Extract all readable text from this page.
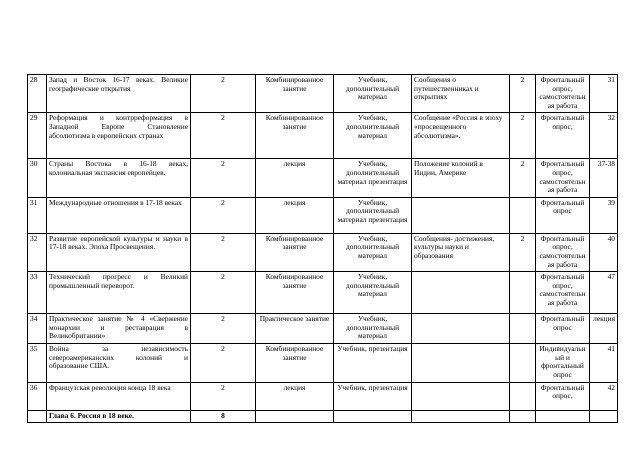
28	Запад и Восток 16-17 веках. Великие географические открытия	2	Комбинированное занятие	Учебник, дополнительный материал	Сообщения о путешественниках и открытиях	2	Фронтальный опрос, самостоятельная работа	31
29	Реформация и контрреформация в Западной Европе Становление абсолютизма в европейских странах	2	Комбинированное занятие	Учебник, дополнительный материал	Сообщение «Россия в эпоху «просвещенного абсолютизма».	2	Фронтальный опрос,	32
30	Страны Востока в 16-18 веках, колониальная экспансия европейцев.	2	лекция	Учебник, дополнительный материал презентация	Положение колоний в Индии, Америке	2	Фронтальный опрос, самостоятельная работа	37-38
31	Международные отношения в 17-18 веках	2	лекция	Учебник, дополнительный материал презентация			Фронтальный опрос	39
32	Развитие европейской культуры и науки в 17-18 веках. Эпоха Просвещения.	2	Комбинированное занятие	Учебник, дополнительный материал	Сообщения- достижения, культуры науки и образования	2	Фронтальный опрос, самостоятельная работа	40
33	Технический прогресс и Великий промышленный переворот.	2	Комбинированное занятие	Учебник, дополнительный материал			Фронтальный опрос, самостоятельная работа	47
34	Практическое занятие № 4 «Свержение монархии и реставрация в Великобритании»	2	Практическое занятие	Учебник, дополнительный материал			Фронтальный опрос	лекция
35	Война за независимость североамериканских колоний и образование США.	2	Комбинированное занятие	Учебник, презентация			Индивидуальный и фронтальный опрос	41
36	Французская революция конца 18 века	2	лекция	Учебник, презентация			Фронтальный опрос,	42
	Глава 6. Россия в 18 веке.	8						
